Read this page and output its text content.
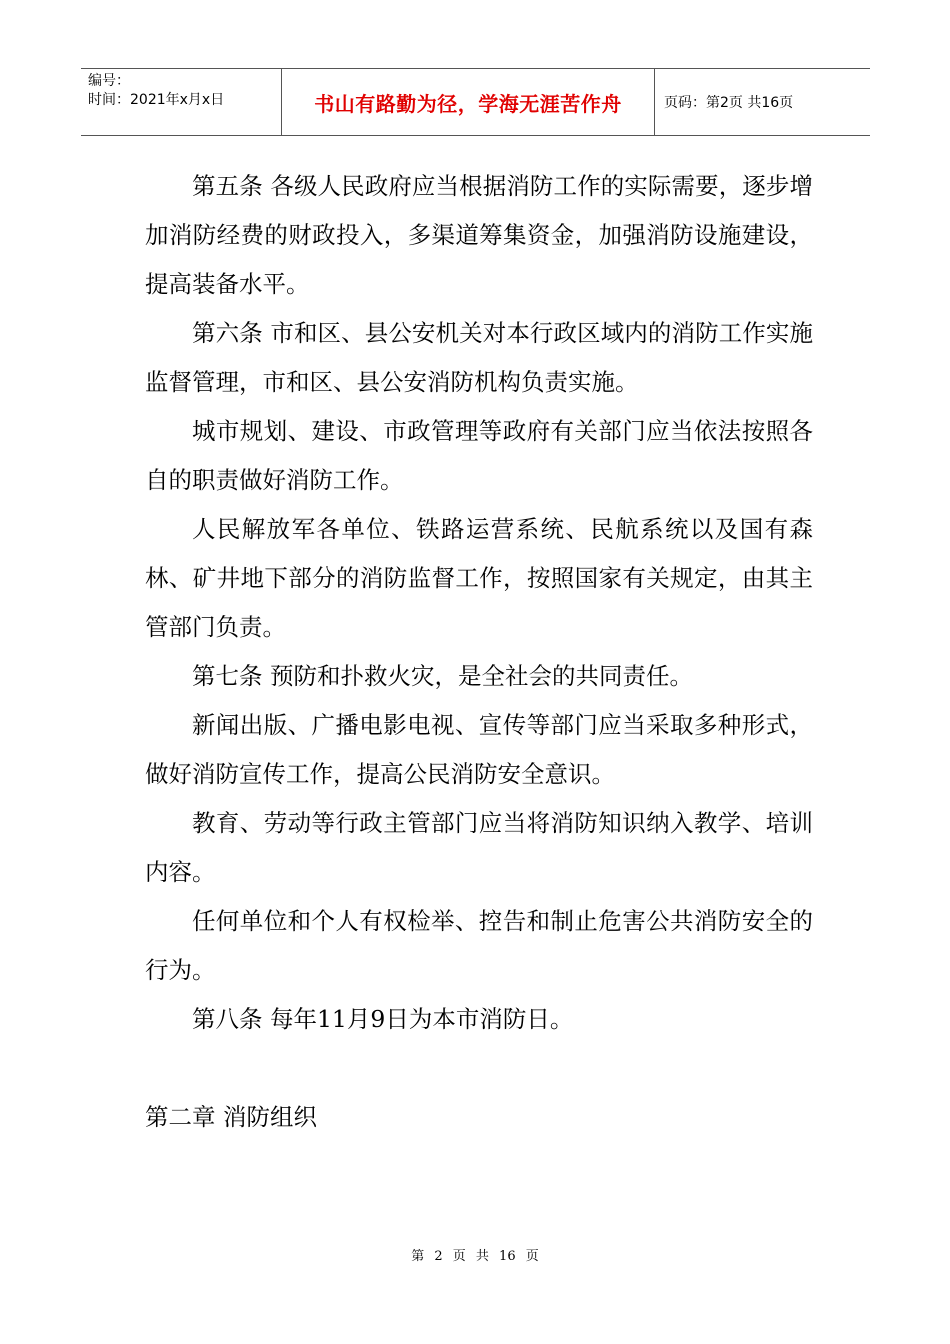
编号：
时间：2021年x月x日	书山有路勤为径，学海无涯苦作舟	页码：第2页 共16页

第五条 各级人民政府应当根据消防工作的实际需要，逐步增加消防经费的财政投入，多渠道筹集资金，加强消防设施建设，提高装备水平。

第六条 市和区、县公安机关对本行政区域内的消防工作实施监督管理，市和区、县公安消防机构负责实施。

城市规划、建设、市政管理等政府有关部门应当依法按照各自的职责做好消防工作。

人民解放军各单位、铁路运营系统、民航系统以及国有森林、矿井地下部分的消防监督工作，按照国家有关规定，由其主管部门负责。

第七条 预防和扑救火灾，是全社会的共同责任。

新闻出版、广播电影电视、宣传等部门应当采取多种形式，做好消防宣传工作，提高公民消防安全意识。

教育、劳动等行政主管部门应当将消防知识纳入教学、培训内容。

任何单位和个人有权检举、控告和制止危害公共消防安全的行为。

第八条 每年11月9日为本市消防日。

第二章 消防组织

第 2 页 共 16 页
